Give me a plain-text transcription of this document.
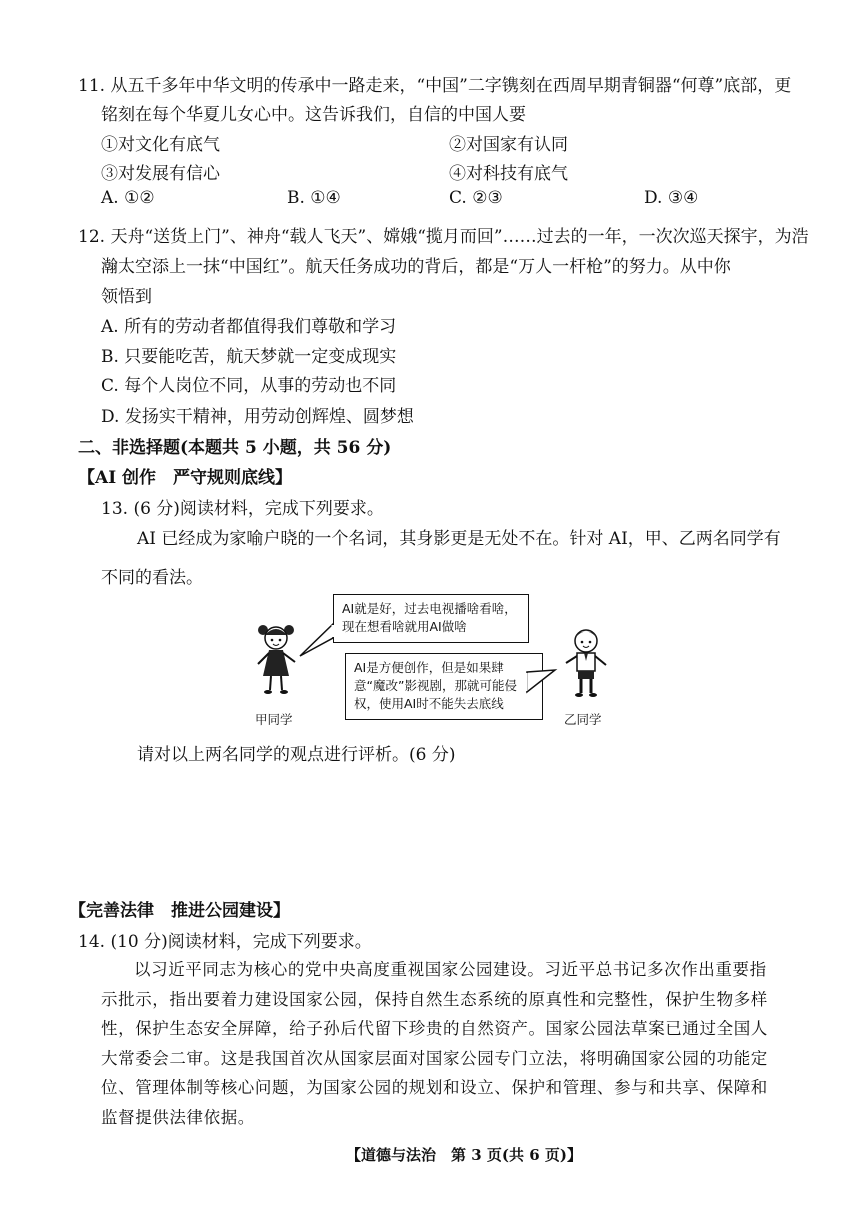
11. 从五千多年中华文明的传承中一路走来，“中国”二字镌刻在西周早期青铜器“何尊”底部，更
铭刻在每个华夏儿女心中。这告诉我们，自信的中国人要
①对文化有底气	②对国家有认同
③对发展有信心	④对科技有底气
A. ①②	B. ①④	C. ②③	D. ③④
12. 天舟“送货上门”、神舟“载人飞天”、嫦娥“揽月而回”……过去的一年，一次次巡天探宇，为浩
瀚太空添上一抹“中国红”。航天任务成功的背后，都是“万人一杆枪”的努力。从中你
领悟到
A. 所有的劳动者都值得我们尊敬和学习
B. 只要能吃苦，航天梦就一定变成现实
C. 每个人岗位不同，从事的劳动也不同
D. 发扬实干精神，用劳动创辉煌、圆梦想
二、非选择题(本题共 5 小题，共 56 分)
【AI 创作　严守规则底线】
13. (6 分)阅读材料，完成下列要求。
AI 已经成为家喻户晓的一个名词，其身影更是无处不在。针对 AI，甲、乙两名同学有
不同的看法。
AI就是好，过去电视播啥看啥，现在想看啥就用AI做啥
AI是方便创作，但是如果肆意“魔改”影视剧，那就可能侵权，使用AI时不能失去底线
甲同学	乙同学
请对以上两名同学的观点进行评析。(6 分)
【完善法律　推进公园建设】
14. (10 分)阅读材料，完成下列要求。
以习近平同志为核心的党中央高度重视国家公园建设。习近平总书记多次作出重要指示批示，指出要着力建设国家公园，保持自然生态系统的原真性和完整性，保护生物多样性，保护生态安全屏障，给子孙后代留下珍贵的自然资产。国家公园法草案已通过全国人大常委会二审。这是我国首次从国家层面对国家公园专门立法，将明确国家公园的功能定位、管理体制等核心问题，为国家公园的规划和设立、保护和管理、参与和共享、保障和监督提供法律依据。
【道德与法治　第 3 页(共 6 页)】
